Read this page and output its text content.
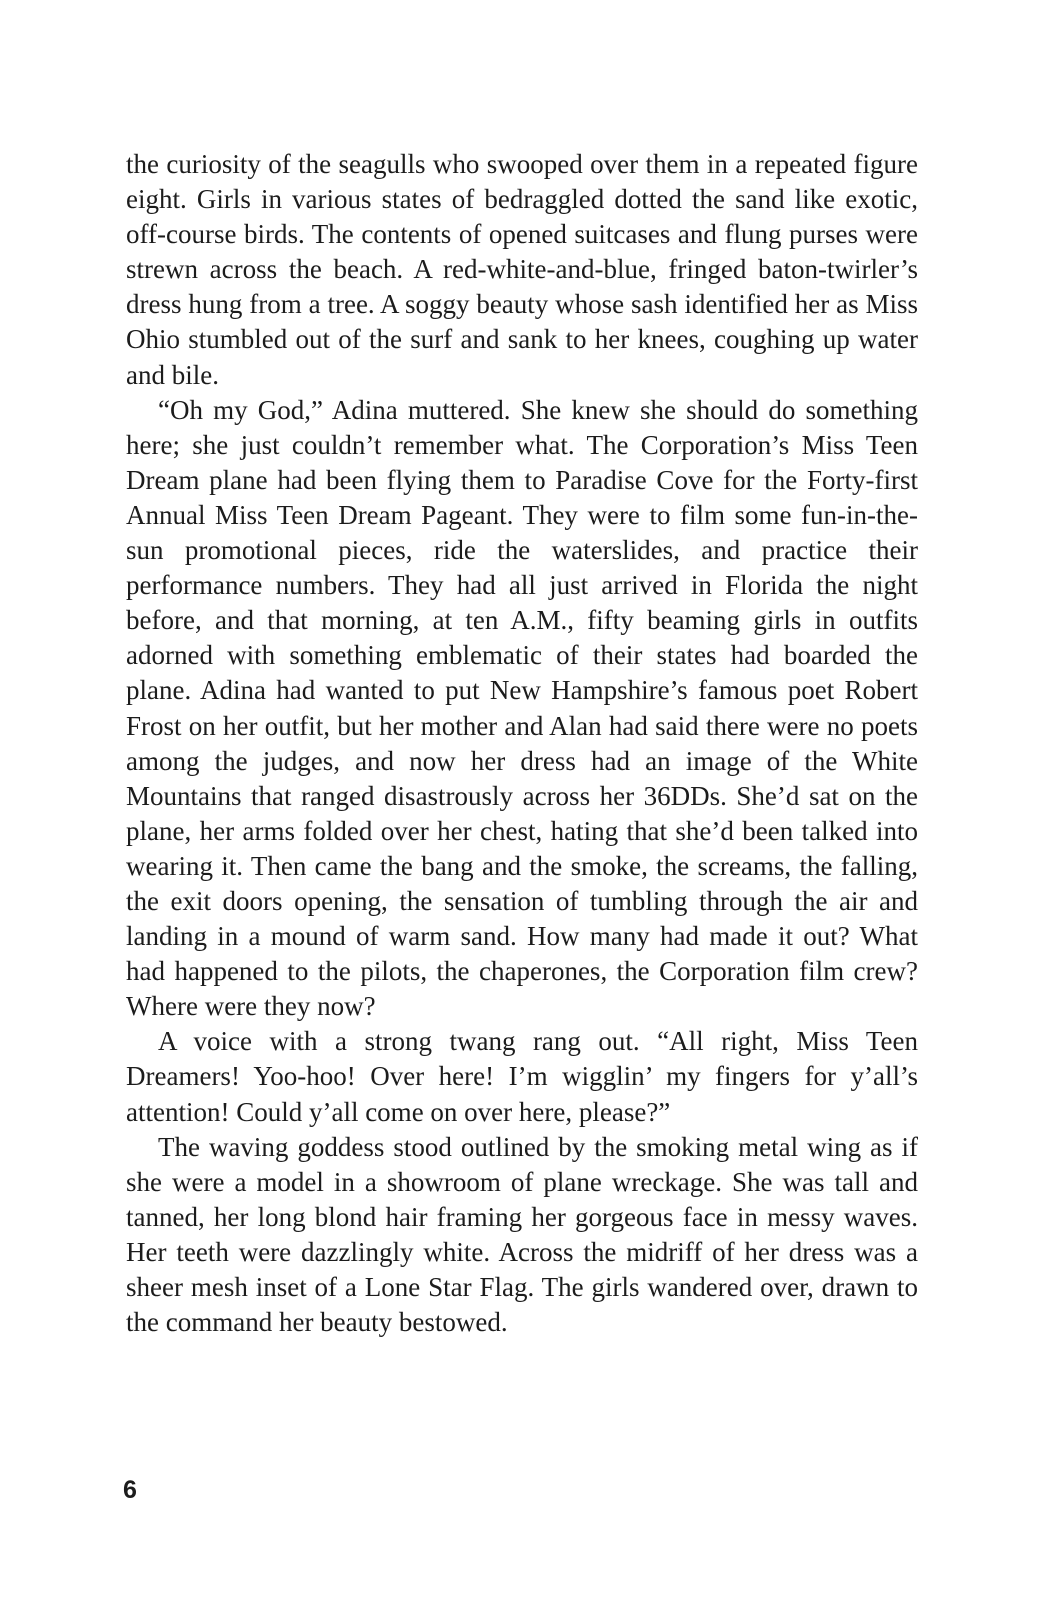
the curiosity of the seagulls who swooped over them in a repeated figure eight. Girls in various states of bedraggled dotted the sand like exotic, off-course birds. The contents of opened suitcases and flung purses were strewn across the beach. A red-white-and-blue, fringed baton-twirler’s dress hung from a tree. A soggy beauty whose sash identified her as Miss Ohio stumbled out of the surf and sank to her knees, coughing up water and bile.

“Oh my God,” Adina muttered. She knew she should do something here; she just couldn’t remember what. The Corporation’s Miss Teen Dream plane had been flying them to Paradise Cove for the Forty-first Annual Miss Teen Dream Pageant. They were to film some fun-in-the-sun promotional pieces, ride the waterslides, and practice their performance numbers. They had all just arrived in Florida the night before, and that morning, at ten A.M., fifty beaming girls in outfits adorned with something emblematic of their states had boarded the plane. Adina had wanted to put New Hampshire’s famous poet Robert Frost on her outfit, but her mother and Alan had said there were no poets among the judges, and now her dress had an image of the White Mountains that ranged disastrously across her 36DDs. She’d sat on the plane, her arms folded over her chest, hating that she’d been talked into wearing it. Then came the bang and the smoke, the screams, the falling, the exit doors opening, the sensation of tumbling through the air and landing in a mound of warm sand. How many had made it out? What had happened to the pilots, the chaperones, the Corporation film crew? Where were they now?

A voice with a strong twang rang out. “All right, Miss Teen Dreamers! Yoo-hoo! Over here! I’m wigglin’ my fingers for y’all’s attention! Could y’all come on over here, please?”

The waving goddess stood outlined by the smoking metal wing as if she were a model in a showroom of plane wreckage. She was tall and tanned, her long blond hair framing her gorgeous face in messy waves. Her teeth were dazzlingly white. Across the midriff of her dress was a sheer mesh inset of a Lone Star Flag. The girls wandered over, drawn to the command her beauty bestowed.

6
